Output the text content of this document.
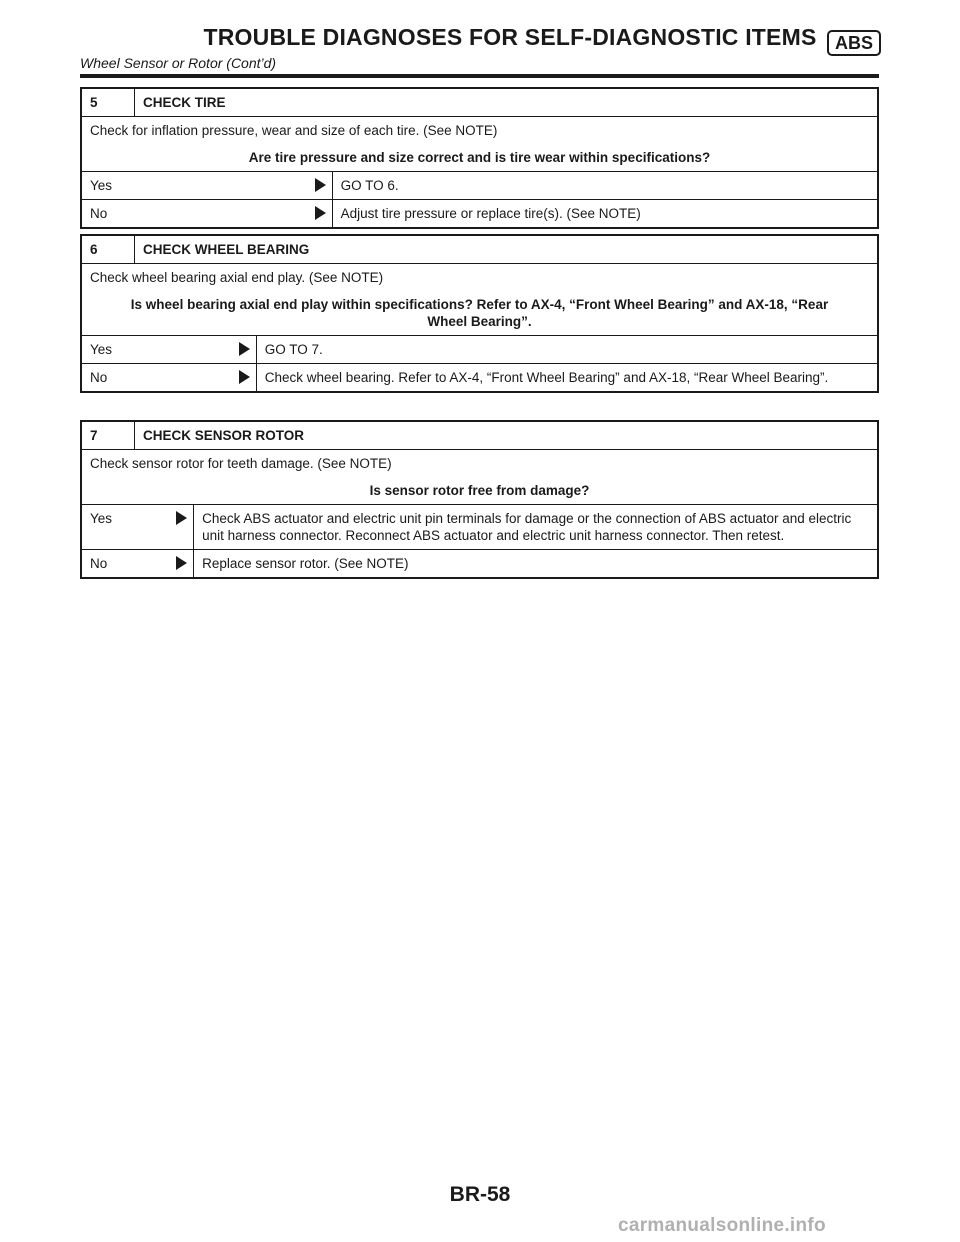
TROUBLE DIAGNOSES FOR SELF-DIAGNOSTIC ITEMS	ABS
Wheel Sensor or Rotor (Cont’d)
5	CHECK TIRE	

Check for inflation pressure, wear and size of each tire. (See NOTE)
Are tire pressure and size correct and is tire wear within specifications?		

Yes		GO TO 6.
No		Adjust tire pressure or replace tire(s). (See NOTE)
6	CHECK WHEEL BEARING	

Check wheel bearing axial end play. (See NOTE)
Is wheel bearing axial end play within specifications? Refer to AX-4, “Front Wheel Bearing” and AX-18, “Rear Wheel Bearing”.		

Yes		GO TO 7.
No		Check wheel bearing. Refer to AX-4, “Front Wheel Bearing” and AX-18, “Rear Wheel Bearing”.
7	CHECK SENSOR ROTOR	

Check sensor rotor for teeth damage. (See NOTE)
Is sensor rotor free from damage?		

Yes		Check ABS actuator and electric unit pin terminals for damage or the connection of ABS actuator and electric unit harness connector. Reconnect ABS actuator and electric unit harness connector. Then retest.
No		Replace sensor rotor. (See NOTE)
BR-58
carmanualsonline.info
